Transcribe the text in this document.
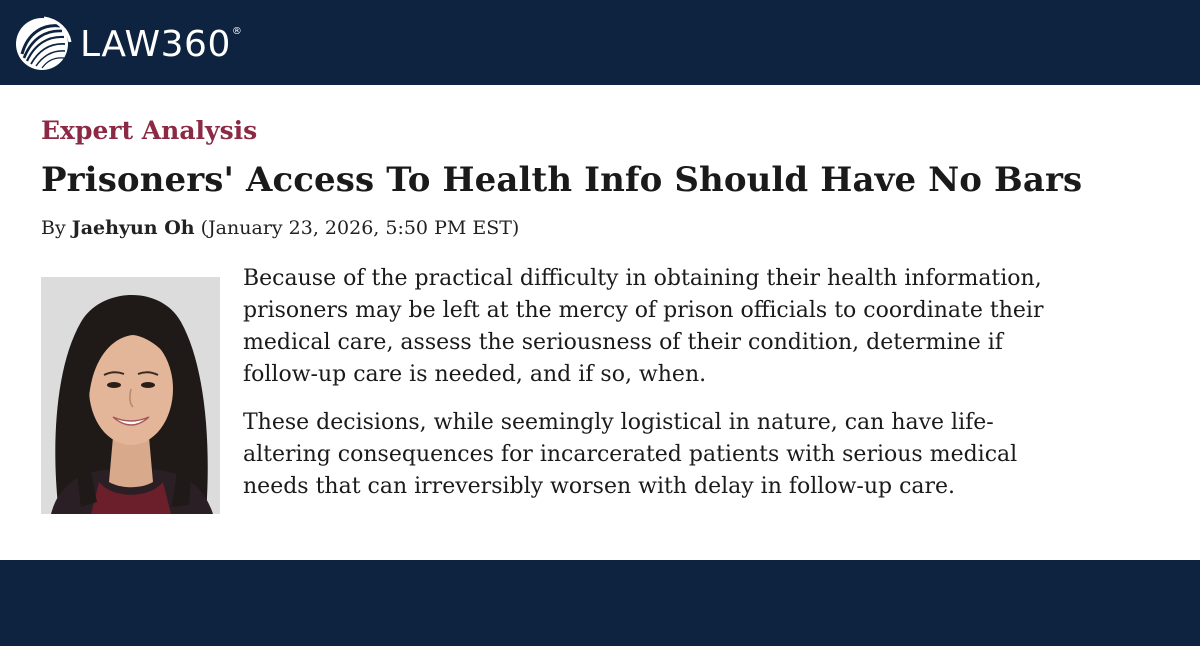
LAW360 ®
Expert Analysis
Prisoners' Access To Health Info Should Have No Bars
By Jaehyun Oh (January 23, 2026, 5:50 PM EST)

Because of the practical difficulty in obtaining their health information,
prisoners may be left at the mercy of prison officials to coordinate their
medical care, assess the seriousness of their condition, determine if
follow-up care is needed, and if so, when.

These decisions, while seemingly logistical in nature, can have life-
altering consequences for incarcerated patients with serious medical
needs that can irreversibly worsen with delay in follow-up care.
